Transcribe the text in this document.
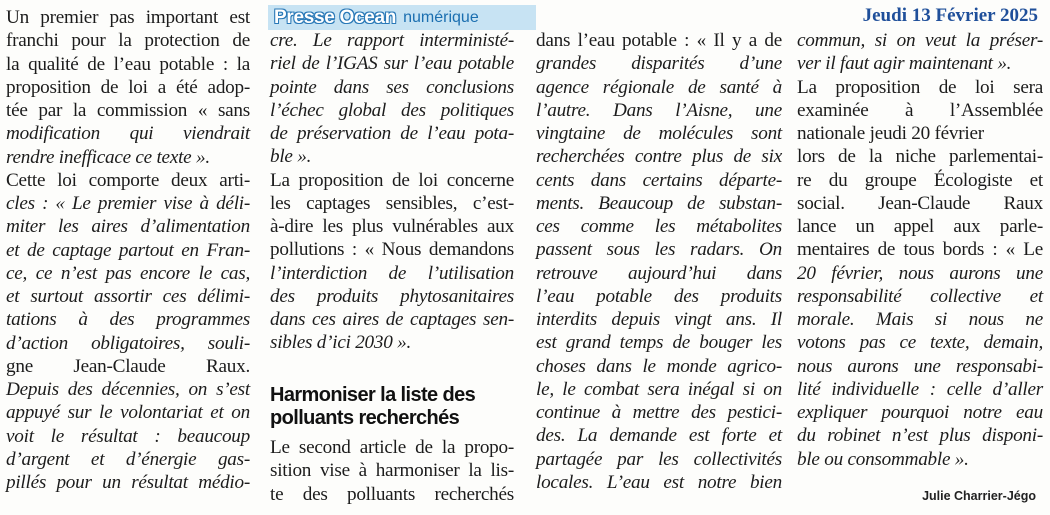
Presse Ocean numérique	Jeudi 13 Février 2025
Un premier pas important est
franchi pour la protection de
la qualité de l’eau potable : la
proposition de loi a été adop-
tée par la commission « sans
modification qui viendrait
rendre inefficace ce texte ».
Cette loi comporte deux arti-
cles : « Le premier vise à déli-
miter les aires d’alimentation
et de captage partout en Fran-
ce, ce n’est pas encore le cas,
et surtout assortir ces délimi-
tations à des programmes
d’action obligatoires, souli-
gne Jean-Claude Raux.
Depuis des décennies, on s’est
appuyé sur le volontariat et on
voit le résultat : beaucoup
d’argent et d’énergie gas-
pillés pour un résultat médio-
cre. Le rapport interministé-
riel de l’IGAS sur l’eau potable
pointe dans ses conclusions
l’échec global des politiques
de préservation de l’eau pota-
ble ».
La proposition de loi concerne
les captages sensibles, c’est-
à-dire les plus vulnérables aux
pollutions : « Nous demandons
l’interdiction de l’utilisation
des produits phytosanitaires
dans ces aires de captages sen-
sibles d’ici 2030 ».
Harmoniser la liste des
polluants recherchés
Le second article de la propo-
sition vise à harmoniser la lis-
te des polluants recherchés
dans l’eau potable : « Il y a de
grandes disparités d’une
agence régionale de santé à
l’autre. Dans l’Aisne, une
vingtaine de molécules sont
recherchées contre plus de six
cents dans certains départe-
ments. Beaucoup de substan-
ces comme les métabolites
passent sous les radars. On
retrouve aujourd’hui dans
l’eau potable des produits
interdits depuis vingt ans. Il
est grand temps de bouger les
choses dans le monde agrico-
le, le combat sera inégal si on
continue à mettre des pestici-
des. La demande est forte et
partagée par les collectivités
locales. L’eau est notre bien
commun, si on veut la préser-
ver il faut agir maintenant ».
La proposition de loi sera
examinée à l’Assemblée
nationale jeudi 20 février
lors de la niche parlementai-
re du groupe Écologiste et
social. Jean-Claude Raux
lance un appel aux parle-
mentaires de tous bords : « Le
20 février, nous aurons une
responsabilité collective et
morale. Mais si nous ne
votons pas ce texte, demain,
nous aurons une responsabi-
lité individuelle : celle d’aller
expliquer pourquoi notre eau
du robinet n’est plus disponi-
ble ou consommable ».
Julie Charrier-Jégo
